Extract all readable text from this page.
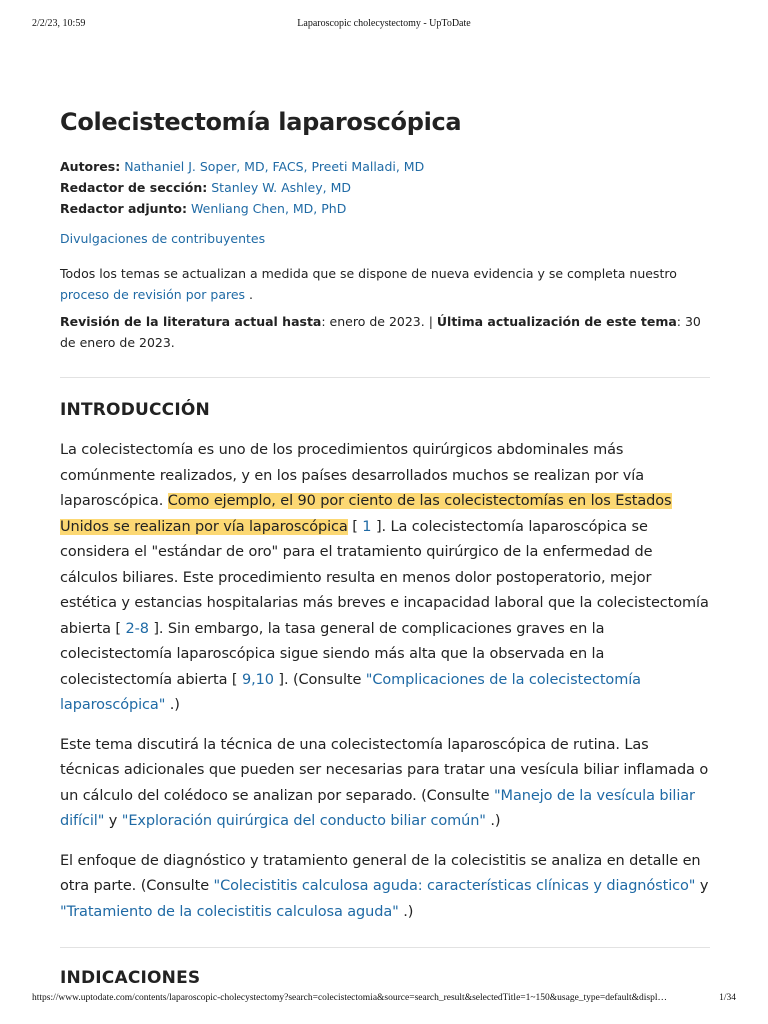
2/2/23, 10:59	Laparoscopic cholecystectomy - UpToDate
Colecistectomía laparoscópica
Autores: Nathaniel J. Soper, MD, FACS, Preeti Malladi, MD
Redactor de sección: Stanley W. Ashley, MD
Redactor adjunto: Wenliang Chen, MD, PhD
Divulgaciones de contribuyentes
Todos los temas se actualizan a medida que se dispone de nueva evidencia y se completa nuestro proceso de revisión por pares .
Revisión de la literatura actual hasta: enero de 2023. | Última actualización de este tema: 30 de enero de 2023.
INTRODUCCIÓN

La colecistectomía es uno de los procedimientos quirúrgicos abdominales más comúnmente realizados, y en los países desarrollados muchos se realizan por vía laparoscópica. Como ejemplo, el 90 por ciento de las colecistectomías en los Estados Unidos se realizan por vía laparoscópica [ 1 ]. La colecistectomía laparoscópica se considera el "estándar de oro" para el tratamiento quirúrgico de la enfermedad de cálculos biliares. Este procedimiento resulta en menos dolor postoperatorio, mejor estética y estancias hospitalarias más breves e incapacidad laboral que la colecistectomía abierta [ 2-8 ]. Sin embargo, la tasa general de complicaciones graves en la colecistectomía laparoscópica sigue siendo más alta que la observada en la colecistectomía abierta [ 9,10 ]. (Consulte "Complicaciones de la colecistectomía laparoscópica" .)

Este tema discutirá la técnica de una colecistectomía laparoscópica de rutina. Las técnicas adicionales que pueden ser necesarias para tratar una vesícula biliar inflamada o un cálculo del colédoco se analizan por separado. (Consulte "Manejo de la vesícula biliar difícil" y "Exploración quirúrgica del conducto biliar común" .)

El enfoque de diagnóstico y tratamiento general de la colecistitis se analiza en detalle en otra parte. (Consulte "Colecistitis calculosa aguda: características clínicas y diagnóstico" y "Tratamiento de la colecistitis calculosa aguda" .)

INDICACIONES
https://www.uptodate.com/contents/laparoscopic-cholecystectomy?search=colecistectomia&source=search_result&selectedTitle=1~150&usage_type=default&displ…	1/34
